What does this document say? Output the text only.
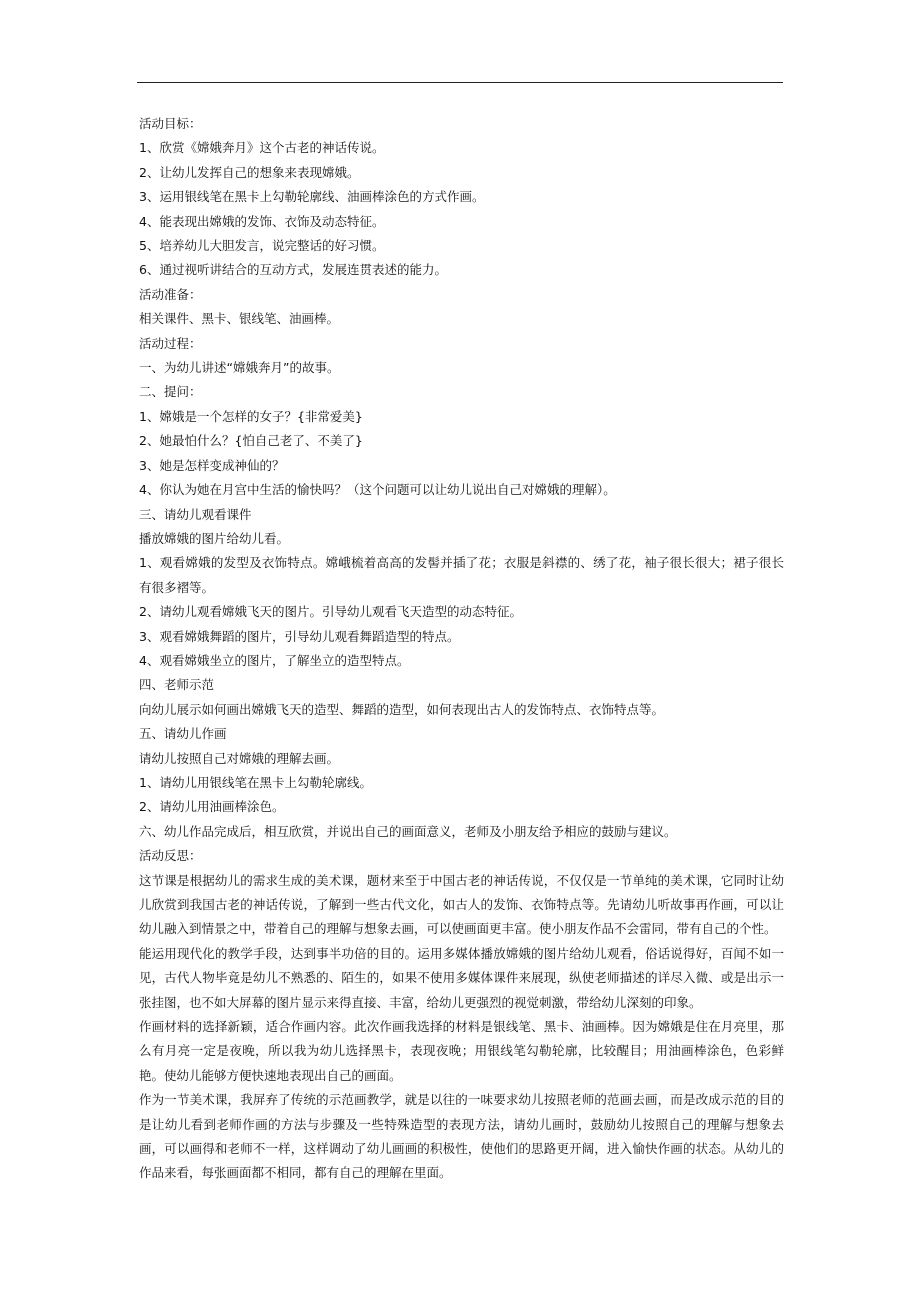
活动目标：
1、欣赏《嫦娥奔月》这个古老的神话传说。
2、让幼儿发挥自己的想象来表现嫦娥。
3、运用银线笔在黑卡上勾勒轮廓线、油画棒涂色的方式作画。
4、能表现出嫦娥的发饰、衣饰及动态特征。
5、培养幼儿大胆发言，说完整话的好习惯。
6、通过视听讲结合的互动方式，发展连贯表述的能力。
活动准备：
相关课件、黑卡、银线笔、油画棒。
活动过程：
一、为幼儿讲述“嫦娥奔月”的故事。
二、提问：
1、嫦娥是一个怎样的女子？{非常爱美}
2、她最怕什么？{怕自己老了、不美了}
3、她是怎样变成神仙的？
4、你认为她在月宫中生活的愉快吗？（这个问题可以让幼儿说出自己对嫦娥的理解）。
三、请幼儿观看课件
播放嫦娥的图片给幼儿看。
1、观看嫦娥的发型及衣饰特点。嫦峨梳着高高的发髻并插了花；衣服是斜襟的、绣了花，袖子很长很大；裙子很长有很多褶等。
2、请幼儿观看嫦娥飞天的图片。引导幼儿观看飞天造型的动态特征。
3、观看嫦娥舞蹈的图片，引导幼儿观看舞蹈造型的特点。
4、观看嫦娥坐立的图片，了解坐立的造型特点。
四、老师示范
向幼儿展示如何画出嫦娥飞天的造型、舞蹈的造型，如何表现出古人的发饰特点、衣饰特点等。
五、请幼儿作画
请幼儿按照自己对嫦娥的理解去画。
1、请幼儿用银线笔在黑卡上勾勒轮廓线。
2、请幼儿用油画棒涂色。
六、幼儿作品完成后，相互欣赏，并说出自己的画面意义，老师及小朋友给予相应的鼓励与建议。
活动反思：
这节课是根据幼儿的需求生成的美术课，题材来至于中国古老的神话传说，不仅仅是一节单纯的美术课，它同时让幼儿欣赏到我国古老的神话传说，了解到一些古代文化，如古人的发饰、衣饰特点等。先请幼儿听故事再作画，可以让幼儿融入到情景之中，带着自己的理解与想象去画，可以使画面更丰富。使小朋友作品不会雷同，带有自己的个性。
能运用现代化的教学手段，达到事半功倍的目的。运用多媒体播放嫦娥的图片给幼儿观看，俗话说得好，百闻不如一见，古代人物毕竟是幼儿不熟悉的、陌生的，如果不使用多媒体课件来展现，纵使老师描述的详尽入微、或是出示一张挂图，也不如大屏幕的图片显示来得直接、丰富，给幼儿更强烈的视觉刺激，带给幼儿深刻的印象。
作画材料的选择新颖，适合作画内容。此次作画我选择的材料是银线笔、黑卡、油画棒。因为嫦娥是住在月亮里，那么有月亮一定是夜晚，所以我为幼儿选择黑卡，表现夜晚；用银线笔勾勒轮廓，比较醒目；用油画棒涂色，色彩鲜艳。使幼儿能够方便快速地表现出自己的画面。
作为一节美术课，我屏弃了传统的示范画教学，就是以往的一味要求幼儿按照老师的范画去画，而是改成示范的目的是让幼儿看到老师作画的方法与步骤及一些特殊造型的表现方法，请幼儿画时，鼓励幼儿按照自己的理解与想象去画，可以画得和老师不一样，这样调动了幼儿画画的积极性，使他们的思路更开阔，进入愉快作画的状态。从幼儿的作品来看，每张画面都不相同，都有自己的理解在里面。
